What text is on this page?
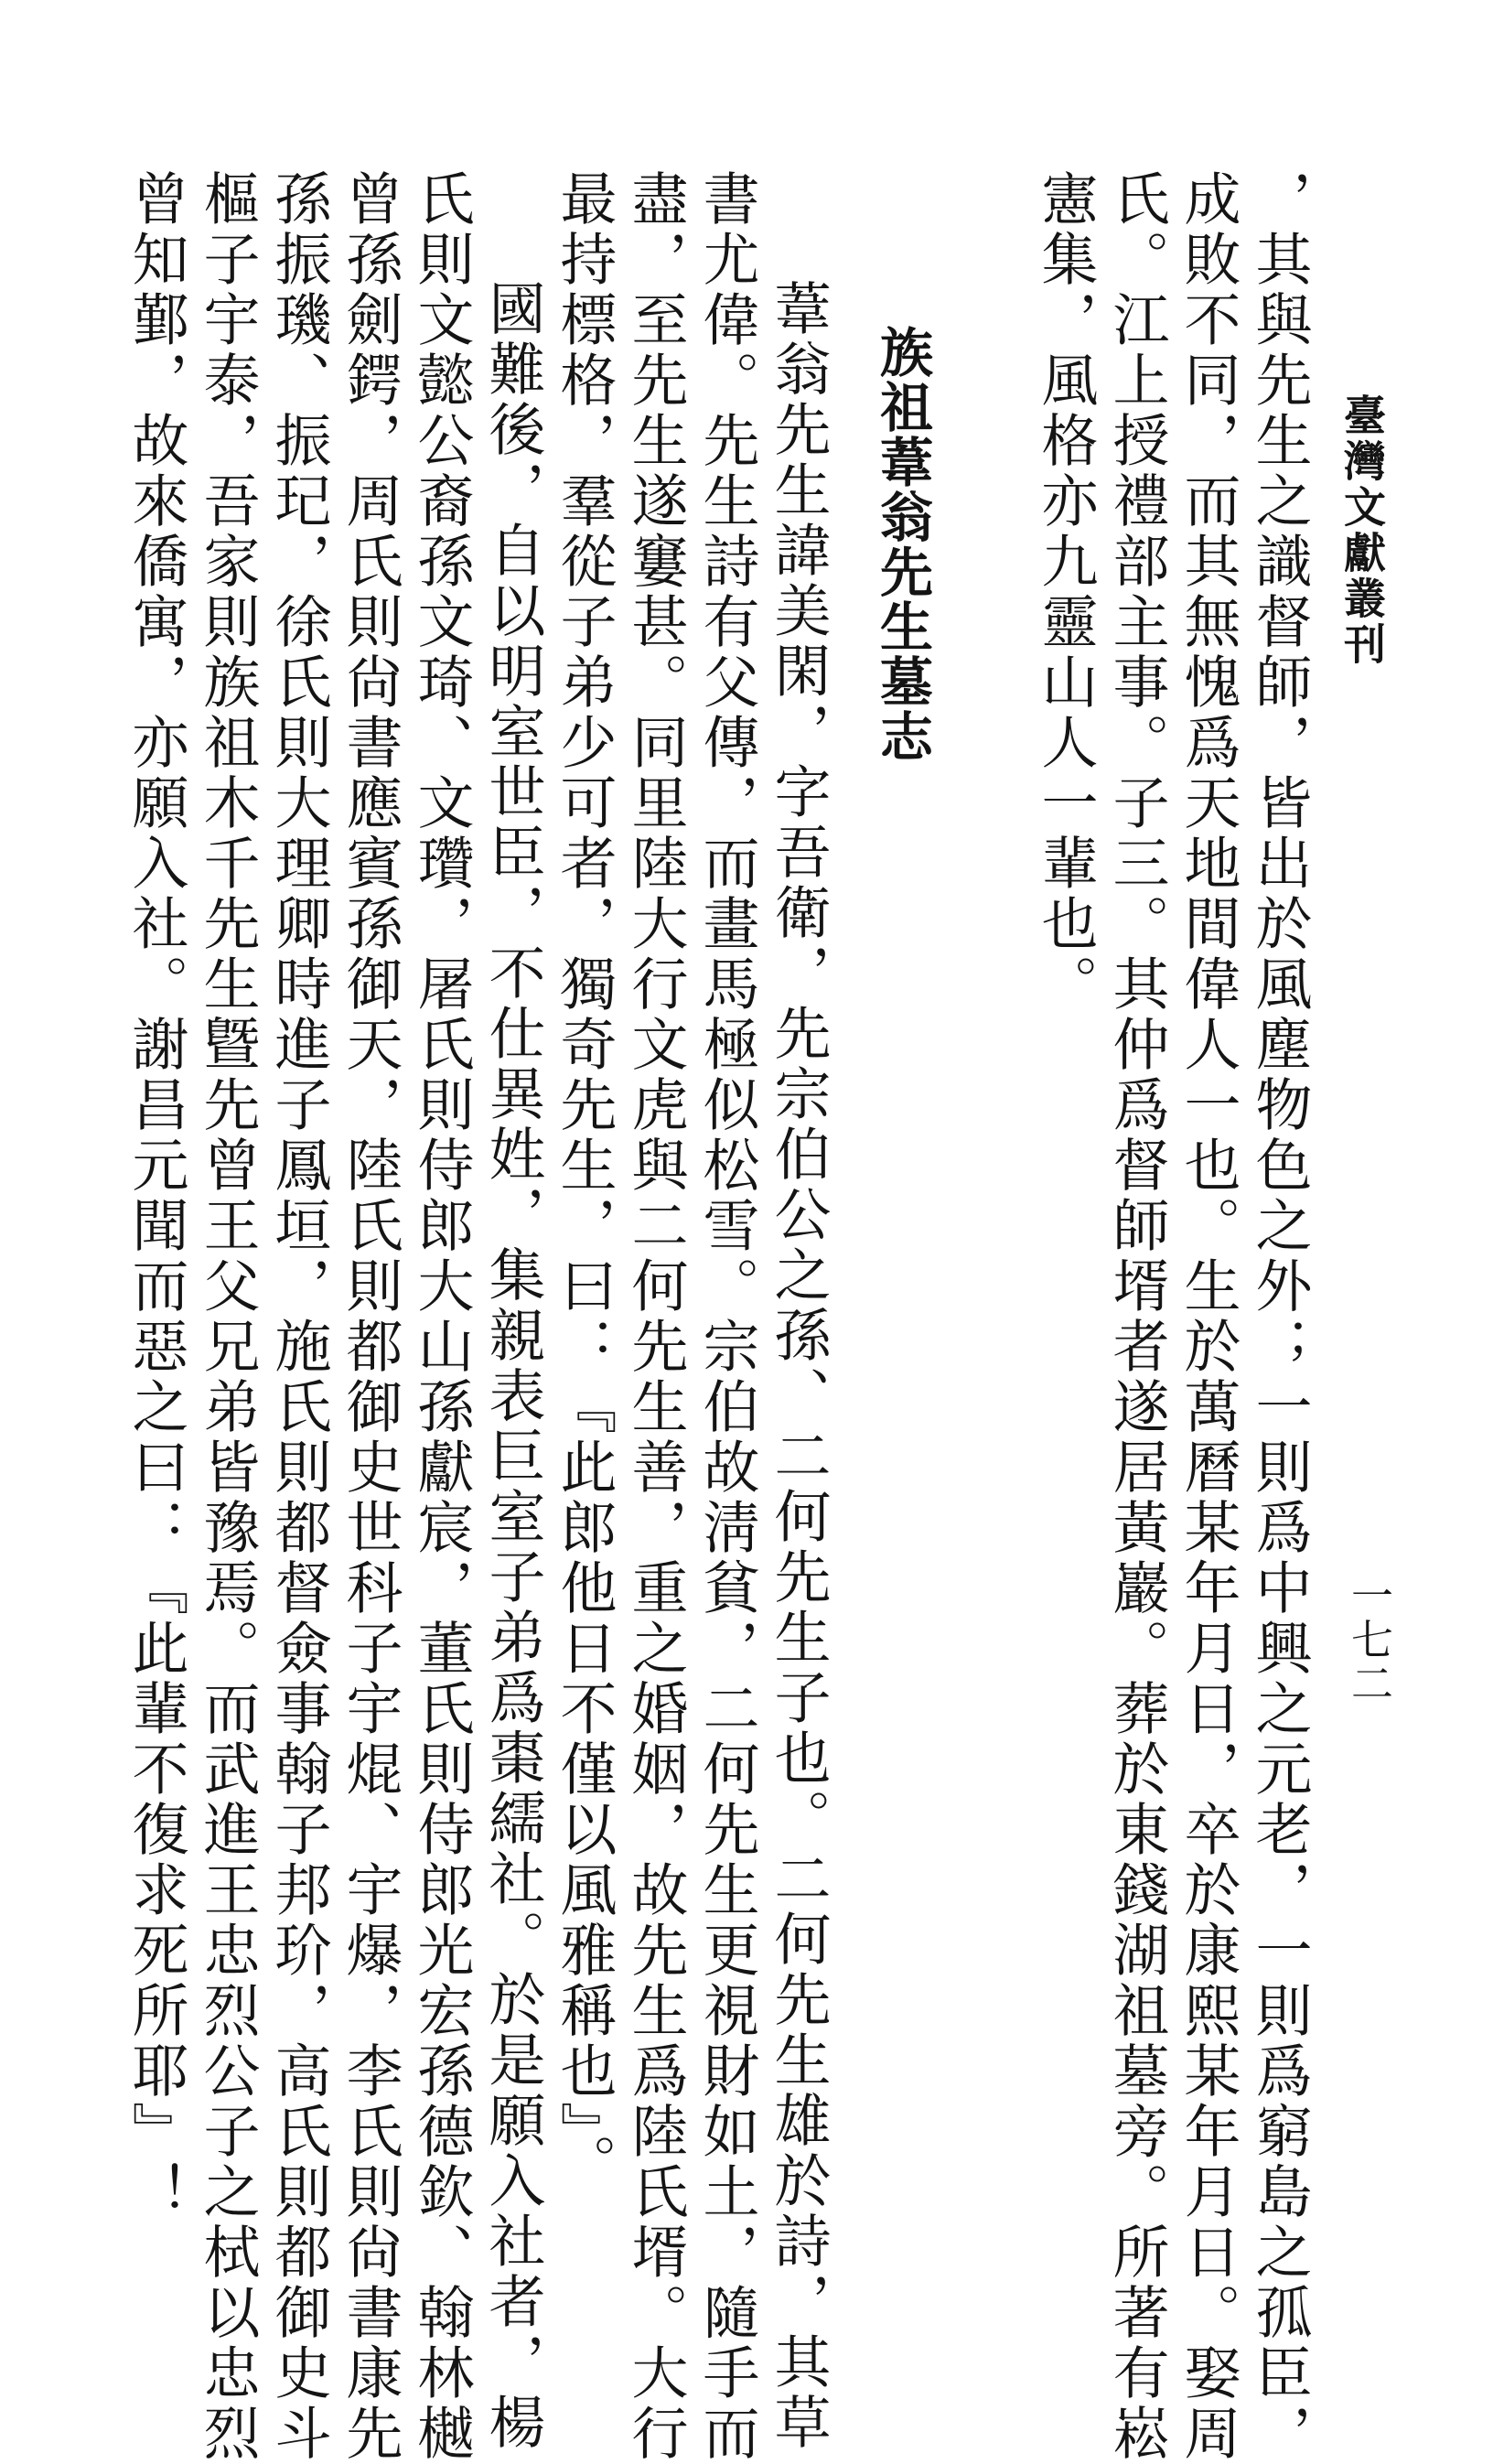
臺灣文獻叢刊
一七二
，其與先生之識督師，皆出於風塵物色之外；一則爲中興之元老，一則爲窮島之孤臣，
成敗不同，而其無愧爲天地間偉人一也。生於萬曆某年月日，卒於康熙某年月日。娶周
氏。江上授禮部主事。子三。其仲爲督師壻者遂居黃巖。葬於東錢湖祖墓旁。所著有崧
憲集，風格亦九靈山人一輩也。
族祖葦翁先生墓志
葦翁先生諱美閑，字吾衛，先宗伯公之孫、二何先生子也。二何先生雄於詩，其草
書尤偉。先生詩有父傳，而畫馬極似松雪。宗伯故淸貧，二何先生更視財如土，隨手而
盡，至先生遂窶甚。同里陸大行文虎與二何先生善，重之婚姻，故先生爲陸氏壻。大行
最持標格，羣從子弟少可者，獨奇先生，曰：『此郎他日不僅以風雅稱也』。
國難後，自以明室世臣，不仕異姓，集親表巨室子弟爲棗繻社。於是願入社者，楊
氏則文懿公裔孫文琦、文瓚，屠氏則侍郎大山孫獻宸，董氏則侍郎光宏孫德欽、翰林樾
曾孫劍鍔，周氏則尙書應賓孫御天，陸氏則都御史世科子宇焜、宇爆，李氏則尙書康先
孫振璣、振玘，徐氏則大理卿時進子鳳垣，施氏則都督僉事翰子邦玠，高氏則都御史斗
樞子宇泰，吾家則族祖木千先生曁先曾王父兄弟皆豫焉。而武進王忠烈公子之栻以忠烈
曾知鄞，故來僑寓，亦願入社。謝昌元聞而惡之曰：『此輩不復求死所耶』！
